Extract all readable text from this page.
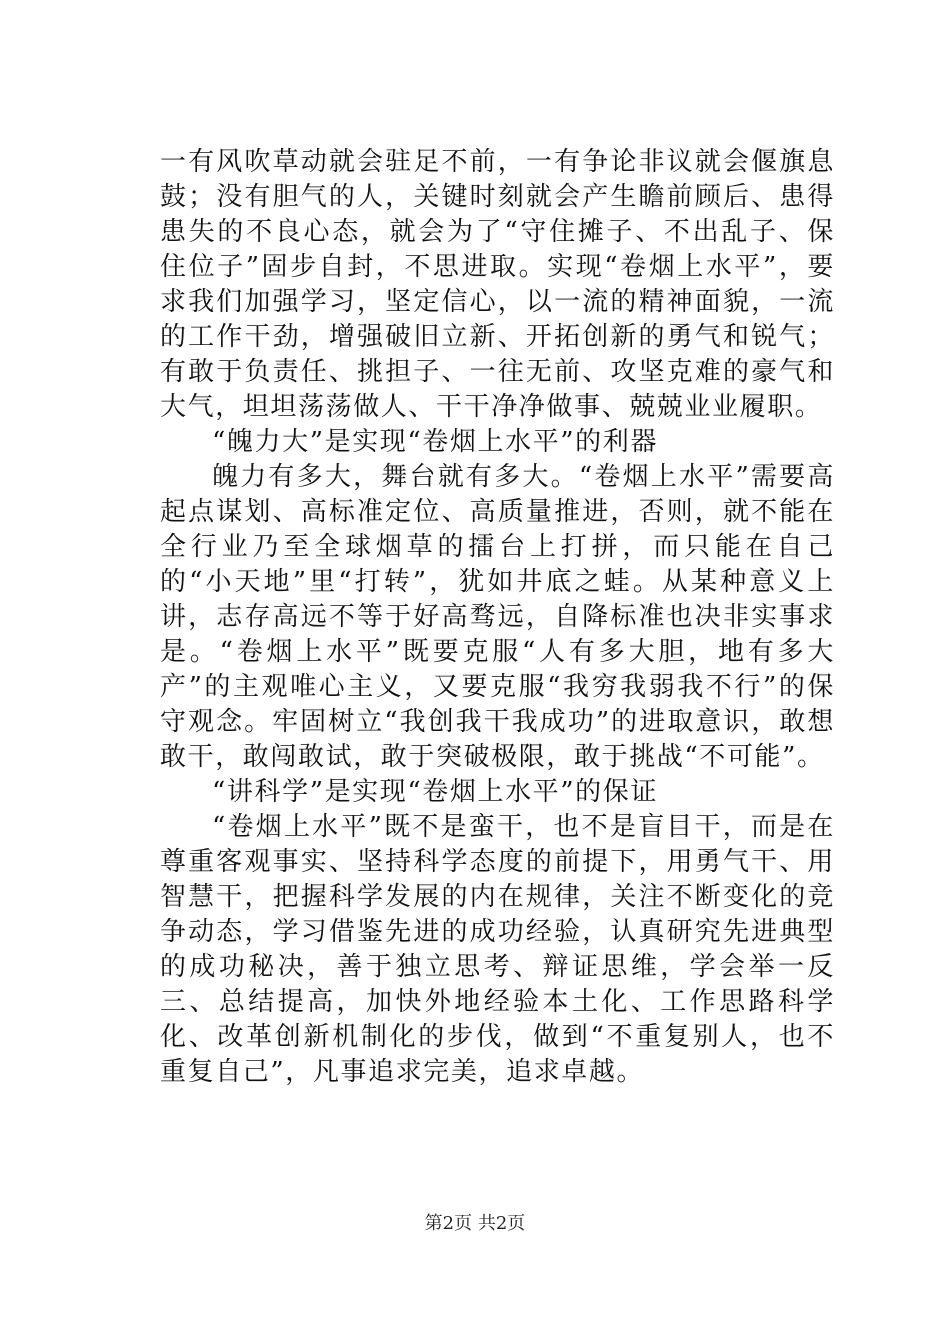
一有风吹草动就会驻足不前，一有争论非议就会偃旗息鼓；没有胆气的人，关键时刻就会产生瞻前顾后、患得患失的不良心态，就会为了“守住摊子、不出乱子、保住位子”固步自封，不思进取。实现“卷烟上水平”，要求我们加强学习，坚定信心，以一流的精神面貌，一流的工作干劲，增强破旧立新、开拓创新的勇气和锐气；有敢于负责任、挑担子、一往无前、攻坚克难的豪气和大气，坦坦荡荡做人、干干净净做事、兢兢业业履职。

“魄力大”是实现“卷烟上水平”的利器

魄力有多大，舞台就有多大。“卷烟上水平”需要高起点谋划、高标准定位、高质量推进，否则，就不能在全行业乃至全球烟草的擂台上打拼，而只能在自己的“小天地”里“打转”，犹如井底之蛙。从某种意义上讲，志存高远不等于好高骛远，自降标准也决非实事求是。“卷烟上水平”既要克服“人有多大胆，地有多大产”的主观唯心主义，又要克服“我穷我弱我不行”的保守观念。牢固树立“我创我干我成功”的进取意识，敢想敢干，敢闯敢试，敢于突破极限，敢于挑战“不可能”。

“讲科学”是实现“卷烟上水平”的保证

“卷烟上水平”既不是蛮干，也不是盲目干，而是在尊重客观事实、坚持科学态度的前提下，用勇气干、用智慧干，把握科学发展的内在规律，关注不断变化的竞争动态，学习借鉴先进的成功经验，认真研究先进典型的成功秘决，善于独立思考、辩证思维，学会举一反三、总结提高，加快外地经验本土化、工作思路科学化、改革创新机制化的步伐，做到“不重复别人，也不重复自己”，凡事追求完美，追求卓越。

第2页 共2页
